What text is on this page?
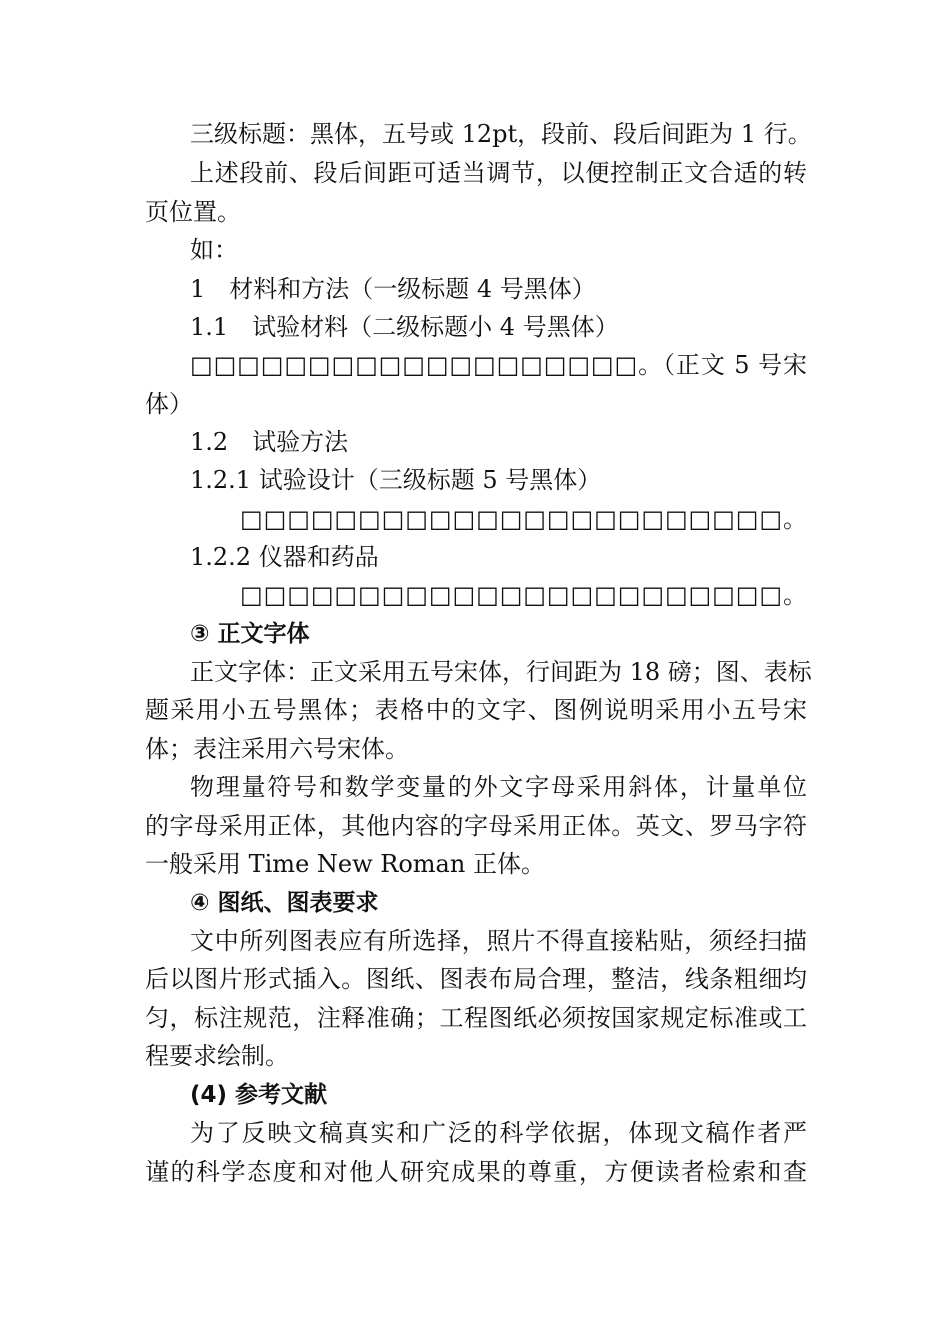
三级标题：黑体，五号或 12pt，段前、段后间距为 1 行。
上述段前、段后间距可适当调节，以便控制正文合适的转
页位置。
如：
1　材料和方法（一级标题 4 号黑体）
1.1　试验材料（二级标题小 4 号黑体）
□□□□□□□□□□□□□□□□□□□。（正文 5 号宋
体）
1.2　试验方法
1.2.1 试验设计（三级标题 5 号黑体）
□□□□□□□□□□□□□□□□□□□□□□□。
1.2.2 仪器和药品
□□□□□□□□□□□□□□□□□□□□□□□。
③ 正文字体
正文字体：正文采用五号宋体，行间距为 18 磅；图、表标
题采用小五号黑体；表格中的文字、图例说明采用小五号宋
体；表注采用六号宋体。
物理量符号和数学变量的外文字母采用斜体，计量单位
的字母采用正体，其他内容的字母采用正体。英文、罗马字符
一般采用 Time New Roman 正体。
④ 图纸、图表要求
文中所列图表应有所选择，照片不得直接粘贴，须经扫描
后以图片形式插入。图纸、图表布局合理，整洁，线条粗细均
匀，标注规范，注释准确；工程图纸必须按国家规定标准或工
程要求绘制。
(4) 参考文献
为了反映文稿真实和广泛的科学依据，体现文稿作者严
谨的科学态度和对他人研究成果的尊重，方便读者检索和查
